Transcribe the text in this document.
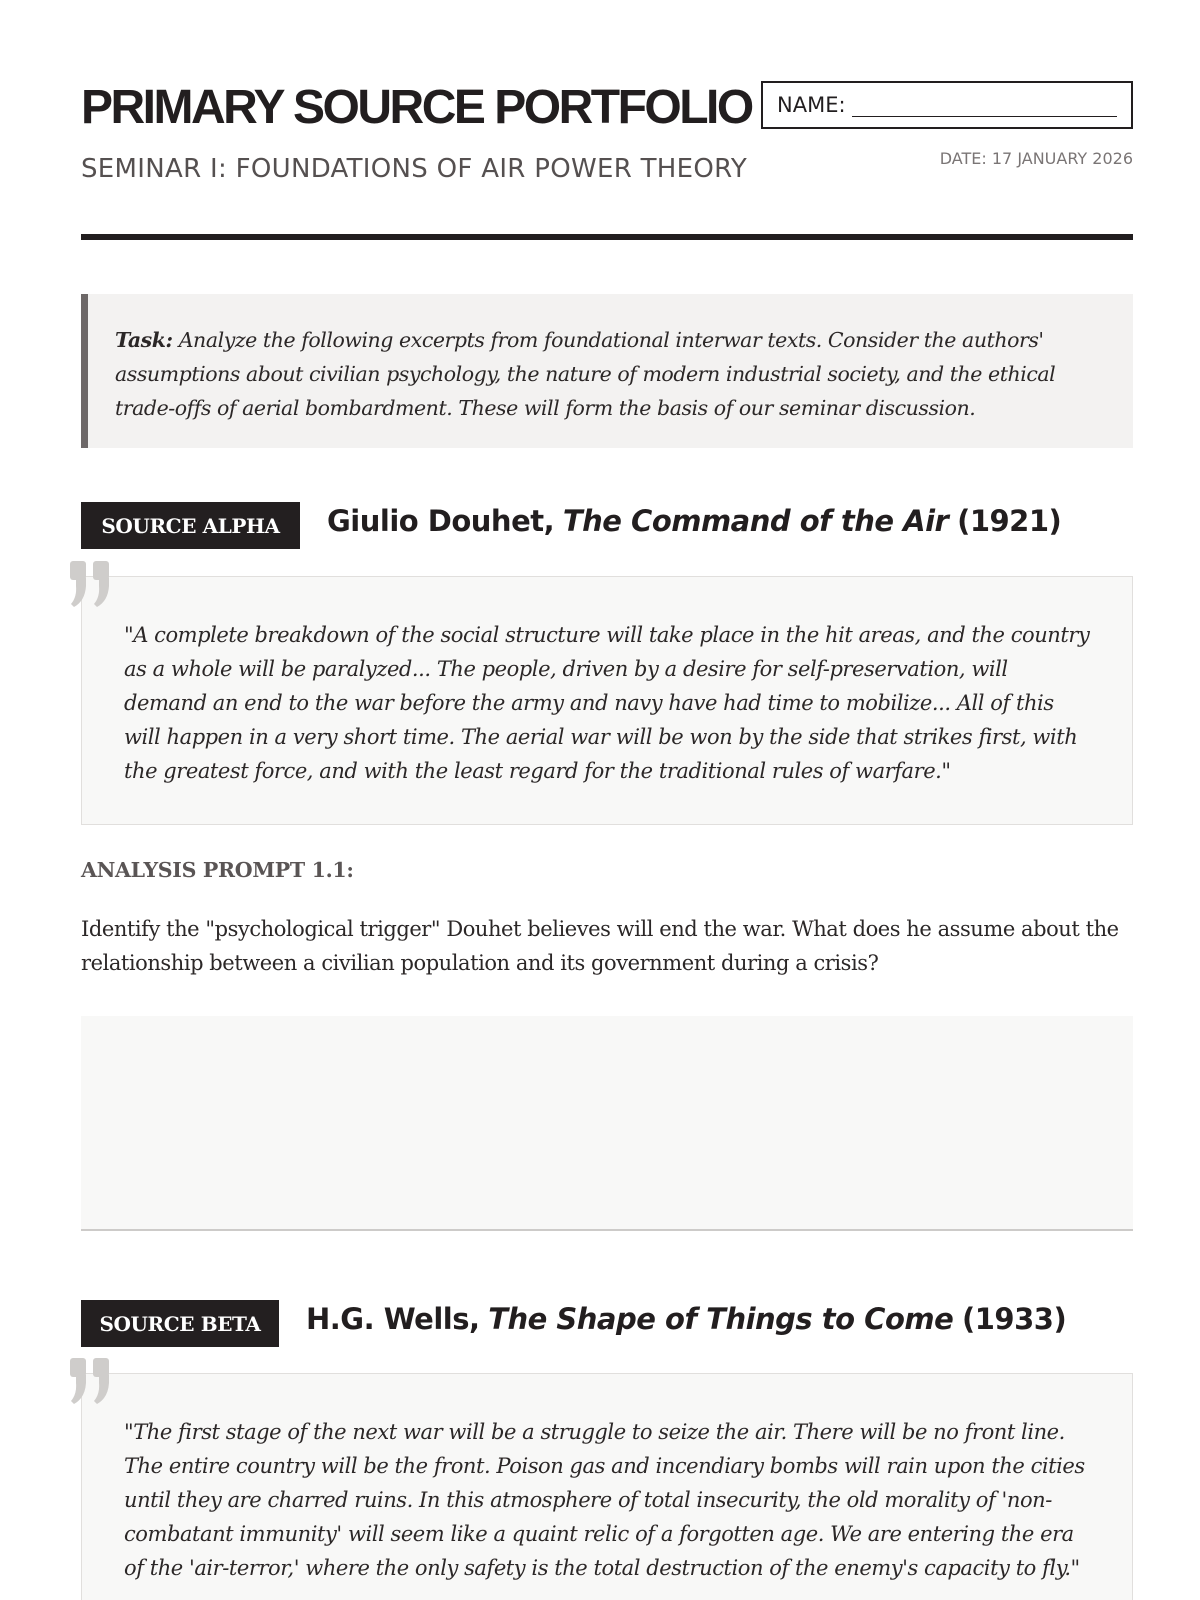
PRIMARY SOURCE PORTFOLIO
SEMINAR I: FOUNDATIONS OF AIR POWER THEORY
NAME:
DATE: 17 JANUARY 2026
Task: Analyze the following excerpts from foundational interwar texts. Consider the authors' assumptions about civilian psychology, the nature of modern industrial society, and the ethical trade-offs of aerial bombardment. These will form the basis of our seminar discussion.
SOURCE ALPHA	Giulio Douhet, The Command of the Air (1921)
"A complete breakdown of the social structure will take place in the hit areas, and the country as a whole will be paralyzed... The people, driven by a desire for self-preservation, will demand an end to the war before the army and navy have had time to mobilize... All of this will happen in a very short time. The aerial war will be won by the side that strikes first, with the greatest force, and with the least regard for the traditional rules of warfare."
ANALYSIS PROMPT 1.1:
Identify the "psychological trigger" Douhet believes will end the war. What does he assume about the relationship between a civilian population and its government during a crisis?
SOURCE BETA	H.G. Wells, The Shape of Things to Come (1933)
"The first stage of the next war will be a struggle to seize the air. There will be no front line. The entire country will be the front. Poison gas and incendiary bombs will rain upon the cities until they are charred ruins. In this atmosphere of total insecurity, the old morality of 'non-combatant immunity' will seem like a quaint relic of a forgotten age. We are entering the era of the 'air-terror,' where the only safety is the total destruction of the enemy's capacity to fly."
